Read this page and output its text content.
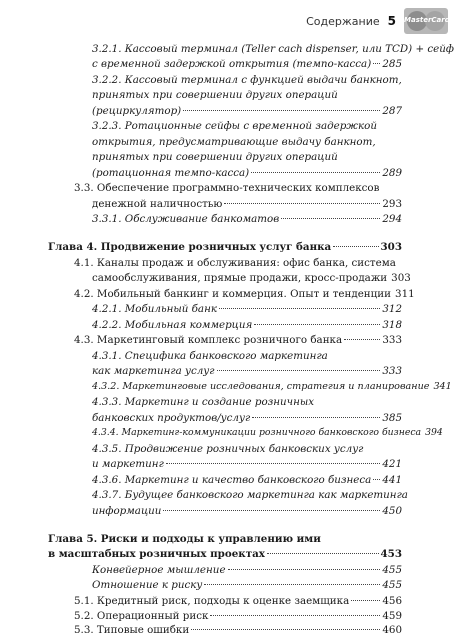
Содержание 5 MasterCard
3.2.1. Кассовый терминал (Teller cach dispenser, или TCD) + сейф
с временной задержкой открытия (темпо-касса) 285
3.2.2. Кассовый терминал с функцией выдачи банкнот,
принятых при совершении других операций
(рециркулятор)	287
3.2.3. Ротационные сейфы с временной задержкой
открытия, предусматривающие выдачу банкнот,
принятых при совершении других операций
(ротационная темпо-касса)	289
3.3. Обеспечение программно-технических комплексов
денежной наличностью	293
3.3.1. Обслуживание банкоматов	294
Глава 4. Продвижение розничных услуг банка	303
4.1. Каналы продаж и обслуживания: офис банка, система
самообслуживания, прямые продажи, кросс-продажи 303
4.2. Мобильный банкинг и коммерция. Опыт и тенденции 311
4.2.1. Мобильный банк	312
4.2.2. Мобильная коммерция	318
4.3. Маркетинговый комплекс розничного банка	333
4.3.1. Специфика банковского маркетинга
как маркетинга услуг	333
4.3.2. Маркетинговые исследования, стратегия и планирование 341
4.3.3. Маркетинг и создание розничных
банковских продуктов/услуг	385
4.3.4. Маркетинг-коммуникации розничного банковского бизнеса 394
4.3.5. Продвижение розничных банковских услуг
и маркетинг	421
4.3.6. Маркетинг и качество банковского бизнеса 441
4.3.7. Будущее банковского маркетинга как маркетинга
информации	450
Глава 5. Риски и подходы к управлению ими
в масштабных розничных проектах	453
Конвейерное мышление	455
Отношение к риску	455
5.1. Кредитный риск, подходы к оценке заемщика	456
5.2. Операционный риск	459
5.3. Типовые ошибки	460
